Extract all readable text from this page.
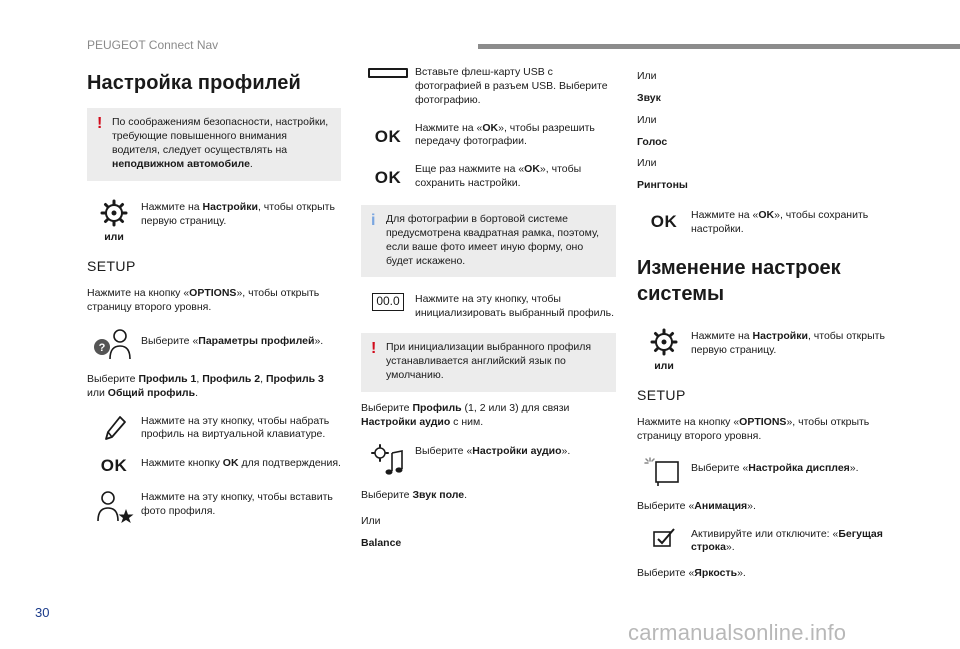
PEUGEOT Connect Nav
Настройка профилей
! По соображениям безопасности, настройки, требующие повышенного внимания водителя, следует осуществлять на неподвижном автомобиле.
или
Нажмите на Настройки, чтобы открыть первую страницу.
SETUP

Нажмите на кнопку «OPTIONS», чтобы открыть страницу второго уровня.

?
Выберите «Параметры профилей».

Выберите Профиль 1, Профиль 2, Профиль 3 или Общий профиль.

Нажмите на эту кнопку, чтобы набрать профиль на виртуальной клавиатуре.
OK Нажмите кнопку OK для подтверждения.
Нажмите на эту кнопку, чтобы вставить фото профиля.
Вставьте флеш-карту USB с фотографией в разъем USB. Выберите фотографию.
OK Нажмите на «OK», чтобы разрешить передачу фотографии.
OK Еще раз нажмите на «OK», чтобы сохранить настройки.
i Для фотографии в бортовой системе предусмотрена квадратная рамка, поэтому, если ваше фото имеет иную форму, оно будет искажено.
00.0	Нажмите на эту кнопку, чтобы инициализировать выбранный профиль.
! При инициализации выбранного профиля устанавливается английский язык по умолчанию.

Выберите Профиль (1, 2 или 3) для связи Настройки аудио с ним.

Выберите «Настройки аудио».

Выберите Звук поле.

Или
Balance
Или
Звук
Или
Голос
Или
Рингтоны
OK Нажмите на «OK», чтобы сохранить настройки.
Изменение настроек системы
или
Нажмите на Настройки, чтобы открыть первую страницу.
SETUP

Нажмите на кнопку «OPTIONS», чтобы открыть страницу второго уровня.

Выберите «Настройка дисплея».

Выберите «Анимация».

Активируйте или отключите: «Бегущая строка».

Выберите «Яркость».

30
carmanualsonline.info
